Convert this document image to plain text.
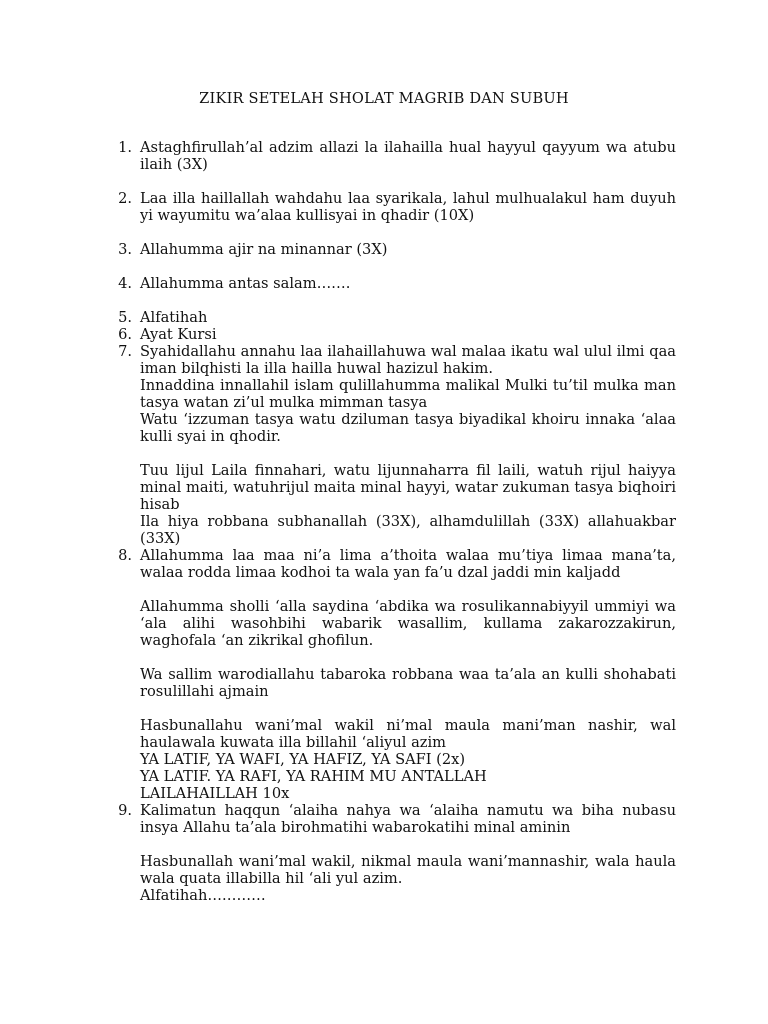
ZIKIR SETELAH SHOLAT MAGRIB DAN SUBUH
1. Astaghfirullah’al adzim allazi la ilahailla hual hayyul qayyum wa atubu ilaih (3X)

2. Laa illa haillallah wahdahu laa syarikala, lahul mulhualakul ham duyuh yi wayumitu wa’alaa kullisyai in qhadir (10X)

3. Allahumma ajir na minannar (3X)

4. Allahumma antas salam…….

5. Alfatihah

6. Ayat Kursi

7. Syahidallahu annahu laa ilahaillahuwa wal malaa ikatu wal ulul ilmi qaa iman bilqhisti la illa hailla huwal hazizul hakim.

Innaddina innallahil islam qulillahumma malikal Mulki tu’til mulka man tasya watan zi’ul mulka mimman tasya

Watu ‘izzuman tasya watu dziluman tasya biyadikal khoiru innaka ‘alaa kulli syai in qhodir.

Tuu lijul Laila finnahari, watu lijunnaharra fil laili, watuh rijul haiyya minal maiti, watuhrijul maita minal hayyi, watar zukuman tasya biqhoiri hisab

Ila hiya robbana subhanallah (33X), alhamdulillah (33X) allahuakbar (33X)

8. Allahumma laa maa ni’a lima a’thoita walaa mu’tiya limaa mana’ta, walaa rodda limaa kodhoi ta wala yan fa’u dzal jaddi min kaljadd

Allahumma sholli ‘alla saydina ‘abdika wa rosulikannabiyyil ummiyi wa ‘ala alihi wasohbihi wabarik wasallim, kullama zakarozzakirun, waghofala ‘an zikrikal ghofilun.

Wa sallim warodiallahu tabaroka robbana waa ta’ala an kulli shohabati rosulillahi ajmain

Hasbunallahu wani’mal wakil ni’mal maula mani’man nashir, wal haulawala kuwata illa billahil ‘aliyul azim

YA LATIF, YA WAFI, YA HAFIZ, YA SAFI (2x)

YA LATIF. YA RAFI, YA RAHIM MU ANTALLAH

LAILAHAILLAH 10x

9. Kalimatun haqqun ‘alaiha nahya wa ‘alaiha namutu wa biha nubasu insya Allahu ta’ala birohmatihi wabarokatihi minal aminin

Hasbunallah wani’mal wakil, nikmal maula wani’mannashir, wala haula wala quata illabilla hil ‘ali yul azim.

Alfatihah…………
